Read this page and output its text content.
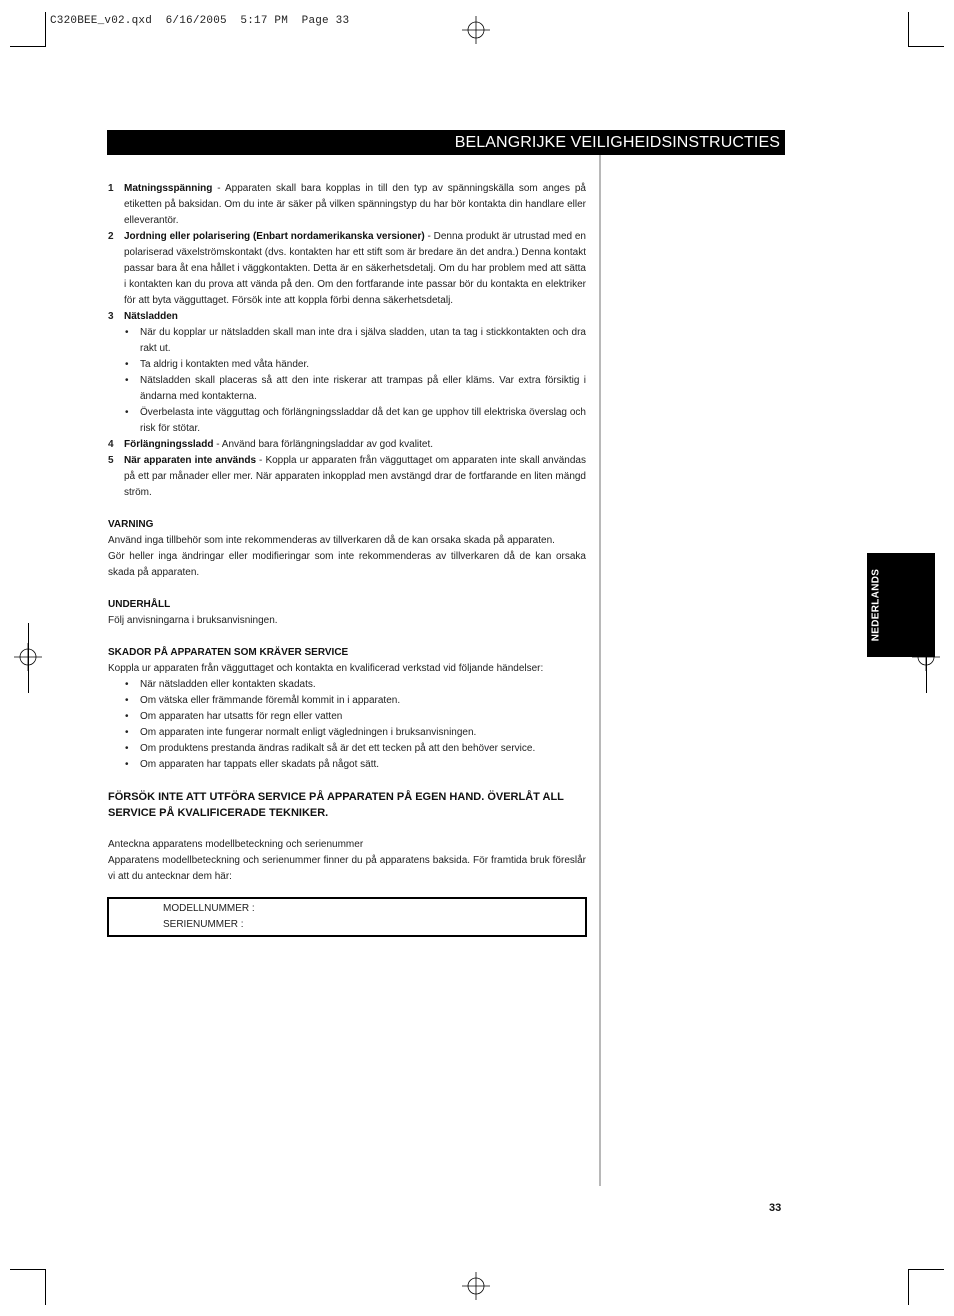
C320BEE_v02.qxd  6/16/2005  5:17 PM  Page 33
BELANGRIJKE VEILIGHEIDSINSTRUCTIES
1 Matningsspänning - Apparaten skall bara kopplas in till den typ av spänningskälla som anges på etiketten på baksidan. Om du inte är säker på vilken spänningstyp du har bör kontakta din handlare eller elleverantör.
2 Jordning eller polarisering (Enbart nordamerikanska versioner) - Denna produkt är utrustad med en polariserad växelströmskontakt (dvs. kontakten har ett stift som är bredare än det andra.) Denna kontakt passar bara åt ena hållet i väggkontakten. Detta är en säkerhetsdetalj. Om du har problem med att sätta i kontakten kan du prova att vända på den. Om den fortfarande inte passar bör du kontakta en elektriker för att byta vägguttaget. Försök inte att koppla förbi denna säkerhetsdetalj.
3 Nätsladden
• När du kopplar ur nätsladden skall man inte dra i själva sladden, utan ta tag i stickkontakten och dra rakt ut.
• Ta aldrig i kontakten med våta händer.
• Nätsladden skall placeras så att den inte riskerar att trampas på eller kläms. Var extra försiktig i ändarna med kontakterna.
• Överbelasta inte vägguttag och förlängningssladdar då det kan ge upphov till elektriska överslag och risk för stötar.
4 Förlängningssladd - Använd bara förlängningsladdar av god kvalitet.
5 När apparaten inte används - Koppla ur apparaten från vägguttaget om apparaten inte skall användas på ett par månader eller mer. När apparaten inkopplad men avstängd drar de fortfarande en liten mängd ström.
VARNING
Använd inga tillbehör som inte rekommenderas av tillverkaren då de kan orsaka skada på apparaten.
Gör heller inga ändringar eller modifieringar som inte rekommenderas av tillverkaren då de kan orsaka skada på apparaten.
UNDERHÅLL
Följ anvisningarna i bruksanvisningen.
SKADOR PÅ APPARATEN SOM KRÄVER SERVICE
Koppla ur apparaten från vägguttaget och kontakta en kvalificerad verkstad vid följande händelser:
• När nätsladden eller kontakten skadats.
• Om vätska eller främmande föremål kommit in i apparaten.
• Om apparaten har utsatts för regn eller vatten
• Om apparaten inte fungerar normalt enligt vägledningen i bruksanvisningen.
• Om produktens prestanda ändras radikalt så är det ett tecken på att den behöver service.
• Om apparaten har tappats eller skadats på något sätt.
FÖRSÖK INTE ATT UTFÖRA SERVICE PÅ APPARATEN PÅ EGEN HAND. ÖVERLÅT ALL SERVICE PÅ KVALIFICERADE TEKNIKER.
Anteckna apparatens modellbeteckning och serienummer
Apparatens modellbeteckning och serienummer finner du på apparatens baksida. För framtida bruk föreslår vi att du antecknar dem här:
MODELLNUMMER :
SERIENUMMER :
NEDERLANDS
33
